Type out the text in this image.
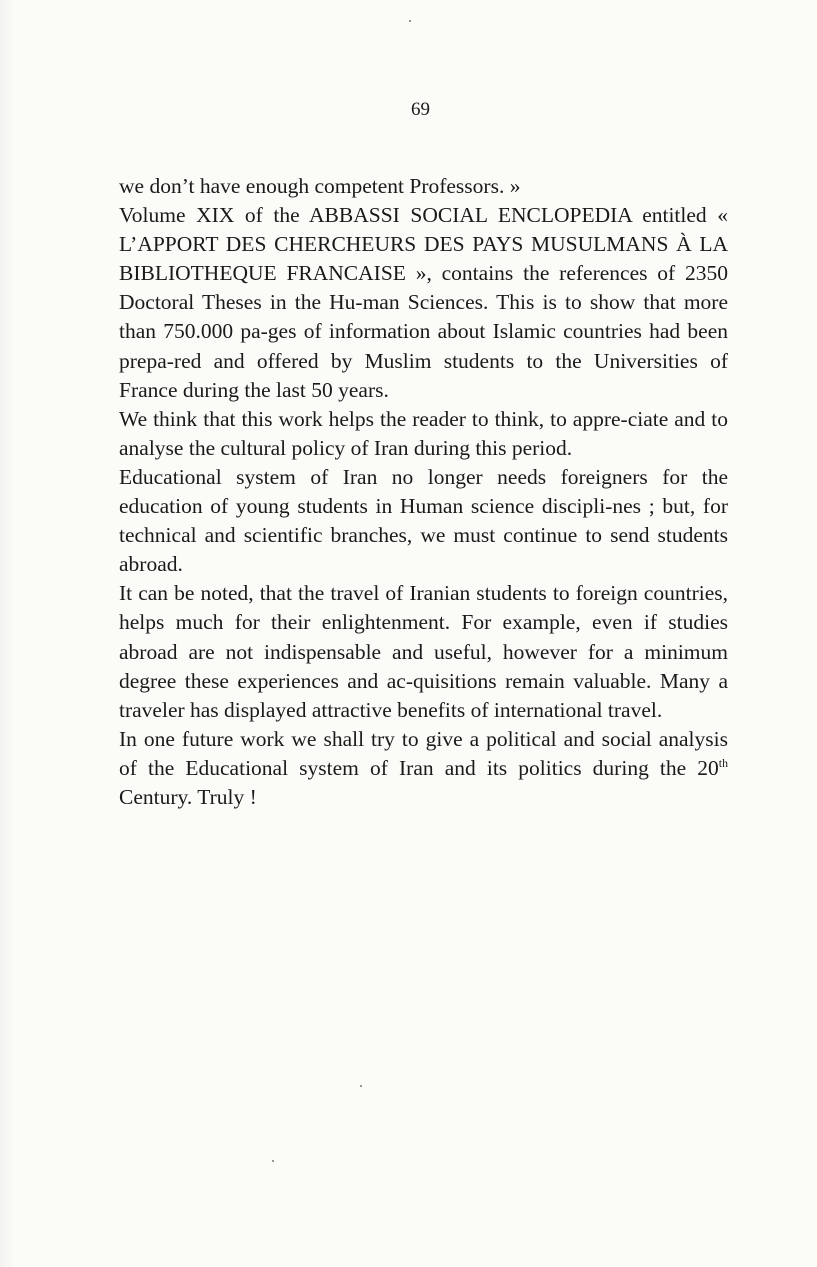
69

we don’t have enough competent Professors. »

Volume XIX of the ABBASSI SOCIAL ENCLOPEDIA entitled « L’APPORT DES CHERCHEURS DES PAYS MUSULMANS À LA BIBLIOTHEQUE FRANCAISE », contains the references of 2350 Doctoral Theses in the Hu-man Sciences. This is to show that more than 750.000 pa-ges of information about Islamic countries had been prepa-red and offered by Muslim students to the Universities of France during the last 50 years.

We think that this work helps the reader to think, to appre-ciate and to analyse the cultural policy of Iran during this period.

Educational system of Iran no longer needs foreigners for the education of young students in Human science discipli-nes ; but, for technical and scientific branches, we must continue to send students abroad.

It can be noted, that the travel of Iranian students to foreign countries, helps much for their enlightenment. For example, even if studies abroad are not indispensable and useful, however for a minimum degree these experiences and ac-quisitions remain valuable. Many a traveler has displayed attractive benefits of international travel.

In one future work we shall try to give a political and social analysis of the Educational system of Iran and its politics during the 20th Century. Truly !
